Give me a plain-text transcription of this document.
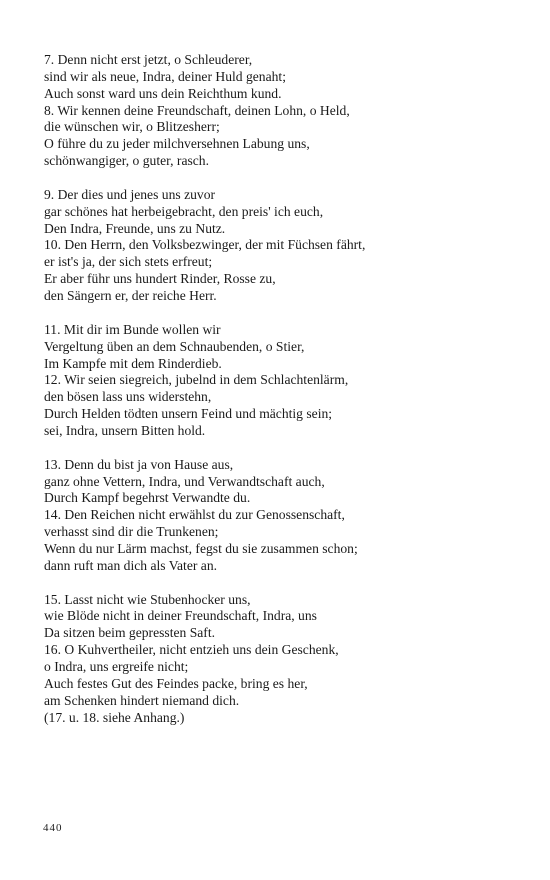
7. Denn nicht erst jetzt, o Schleuderer,
sind wir als neue, Indra, deiner Huld genaht;
Auch sonst ward uns dein Reichthum kund.
8. Wir kennen deine Freundschaft, deinen Lohn, o Held,
die wünschen wir, o Blitzesherr;
O führe du zu jeder milchversehnen Labung uns,
schönwangiger, o guter, rasch.
9. Der dies und jenes uns zuvor
gar schönes hat herbeigebracht, den preis' ich euch,
Den Indra, Freunde, uns zu Nutz.
10. Den Herrn, den Volksbezwinger, der mit Füchsen fährt,
er ist's ja, der sich stets erfreut;
Er aber führ uns hundert Rinder, Rosse zu,
den Sängern er, der reiche Herr.
11. Mit dir im Bunde wollen wir
Vergeltung üben an dem Schnaubenden, o Stier,
Im Kampfe mit dem Rinderdieb.
12. Wir seien siegreich, jubelnd in dem Schlachtenlärm,
den bösen lass uns widerstehn,
Durch Helden tödten unsern Feind und mächtig sein;
sei, Indra, unsern Bitten hold.
13. Denn du bist ja von Hause aus,
ganz ohne Vettern, Indra, und Verwandtschaft auch,
Durch Kampf begehrst Verwandte du.
14. Den Reichen nicht erwählst du zur Genossenschaft,
verhasst sind dir die Trunkenen;
Wenn du nur Lärm machst, fegst du sie zusammen schon;
dann ruft man dich als Vater an.
15. Lasst nicht wie Stubenhocker uns,
wie Blöde nicht in deiner Freundschaft, Indra, uns
Da sitzen beim gepressten Saft.
16. O Kuhvertheiler, nicht entzieh uns dein Geschenk,
o Indra, uns ergreife nicht;
Auch festes Gut des Feindes packe, bring es her,
am Schenken hindert niemand dich.
(17. u. 18. siehe Anhang.)
440
